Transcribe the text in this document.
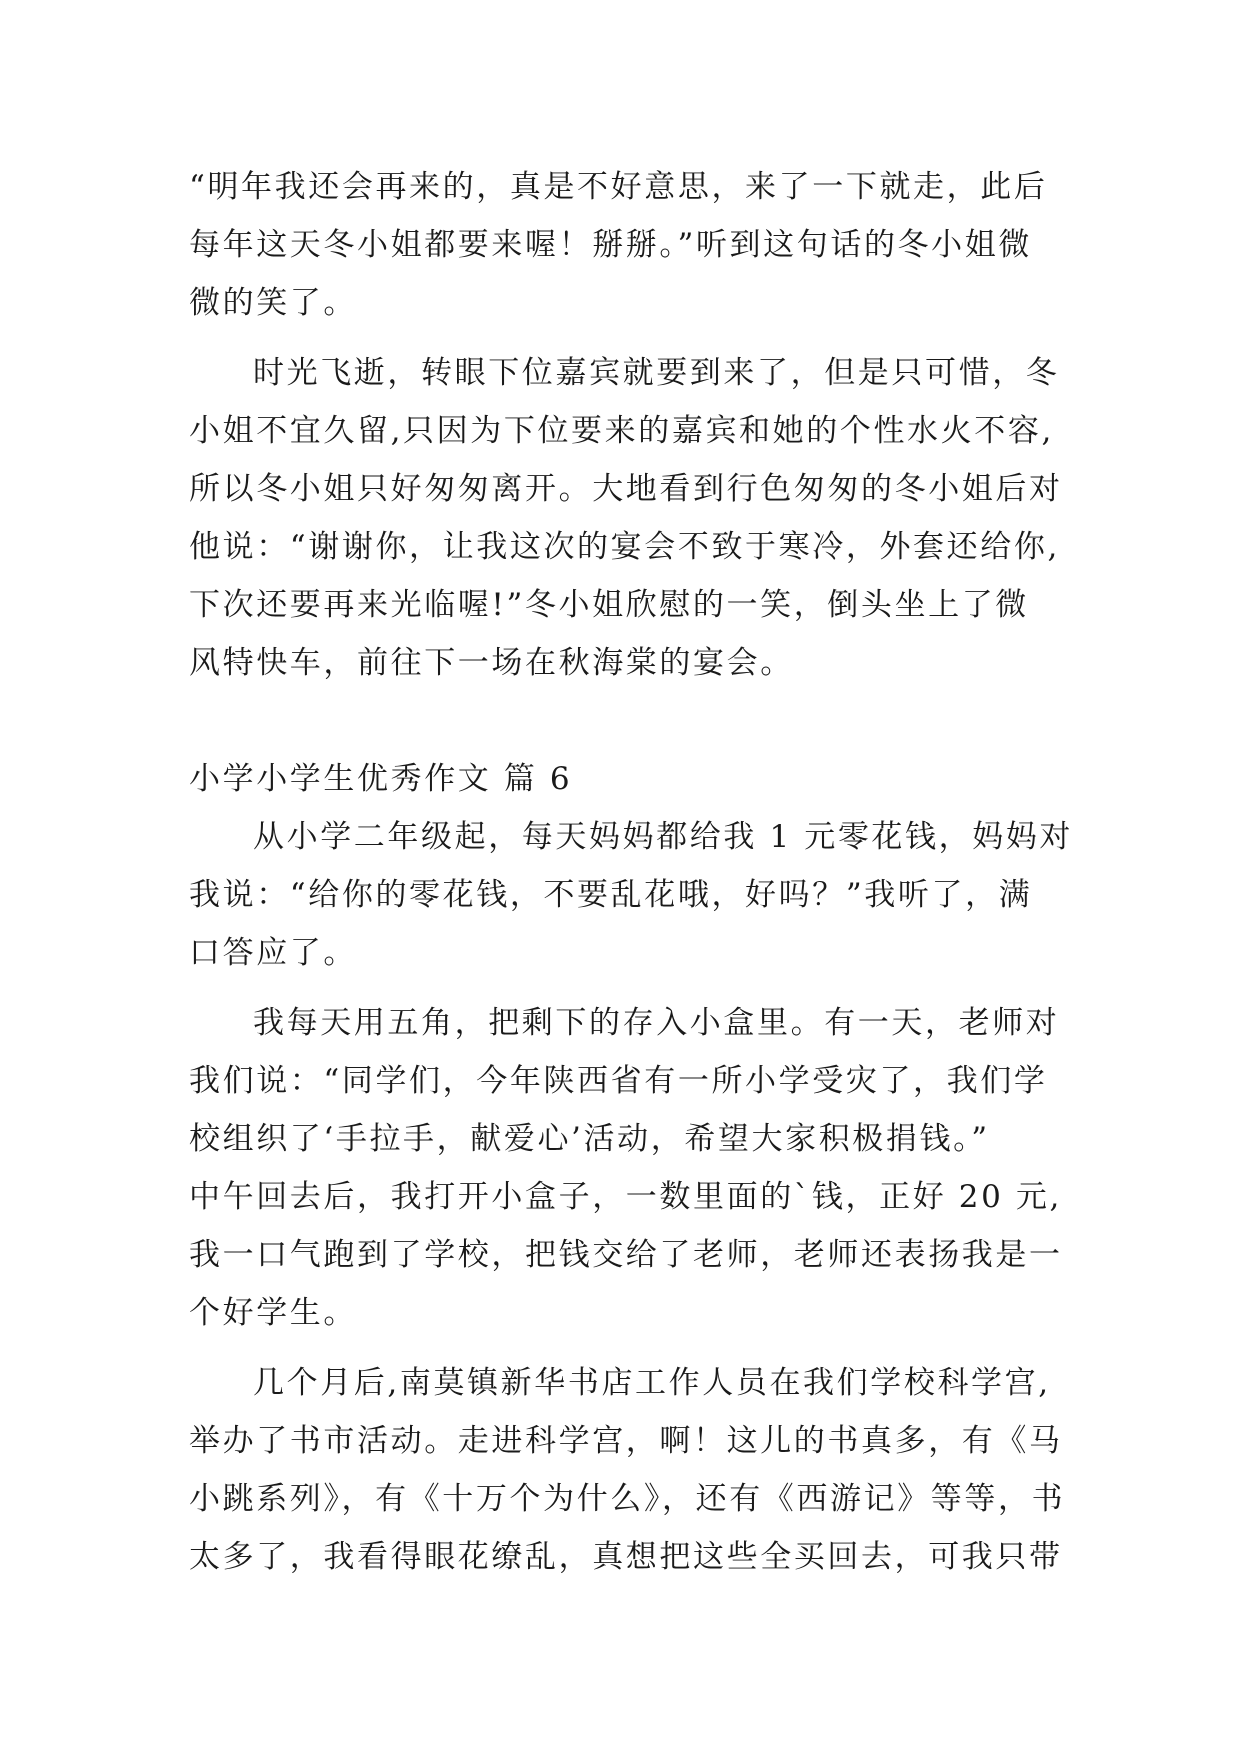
“明年我还会再来的，真是不好意思，来了一下就走，此后
每年这天冬小姐都要来喔！掰掰。”听到这句话的冬小姐微
微的笑了。
时光飞逝，转眼下位嘉宾就要到来了，但是只可惜，冬
小姐不宜久留,只因为下位要来的嘉宾和她的个性水火不容,
所以冬小姐只好匆匆离开。大地看到行色匆匆的冬小姐后对
他说：“谢谢你，让我这次的宴会不致于寒冷，外套还给你,
下次还要再来光临喔!”冬小姐欣慰的一笑，倒头坐上了微
风特快车，前往下一场在秋海棠的宴会。
小学小学生优秀作文 篇 6
从小学二年级起，每天妈妈都给我 1 元零花钱，妈妈对
我说：“给你的零花钱，不要乱花哦，好吗？”我听了，满
口答应了。
我每天用五角，把剩下的存入小盒里。有一天，老师对
我们说：“同学们，今年陕西省有一所小学受灾了，我们学
校组织了‘手拉手，献爱心’活动，希望大家积极捐钱。”
中午回去后，我打开小盒子，一数里面的`钱，正好 20 元,
我一口气跑到了学校，把钱交给了老师，老师还表扬我是一
个好学生。
几个月后,南莫镇新华书店工作人员在我们学校科学宫,
举办了书市活动。走进科学宫，啊！这儿的书真多，有《马
小跳系列》，有《十万个为什么》，还有《西游记》等等，书
太多了，我看得眼花缭乱，真想把这些全买回去，可我只带
